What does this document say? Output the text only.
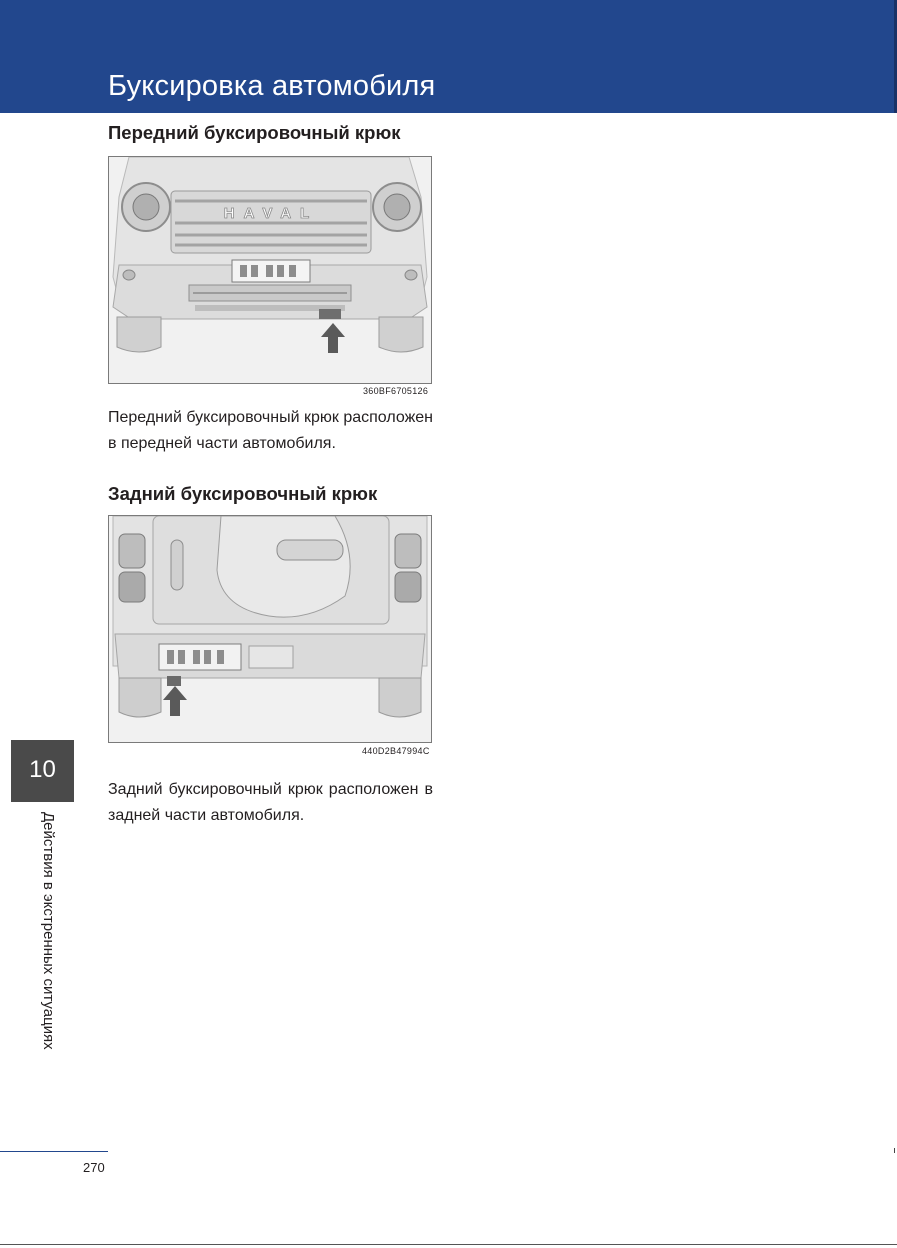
Буксировка автомобиля
Передний буксировочный крюк
HAVAL
360BF6705126
Передний буксировочный крюк расположен в передней части автомобиля.
Задний буксировочный крюк
440D2B47994C
Задний буксировочный крюк расположен в задней части автомобиля.
10
Действия в экстренных ситуациях
270
